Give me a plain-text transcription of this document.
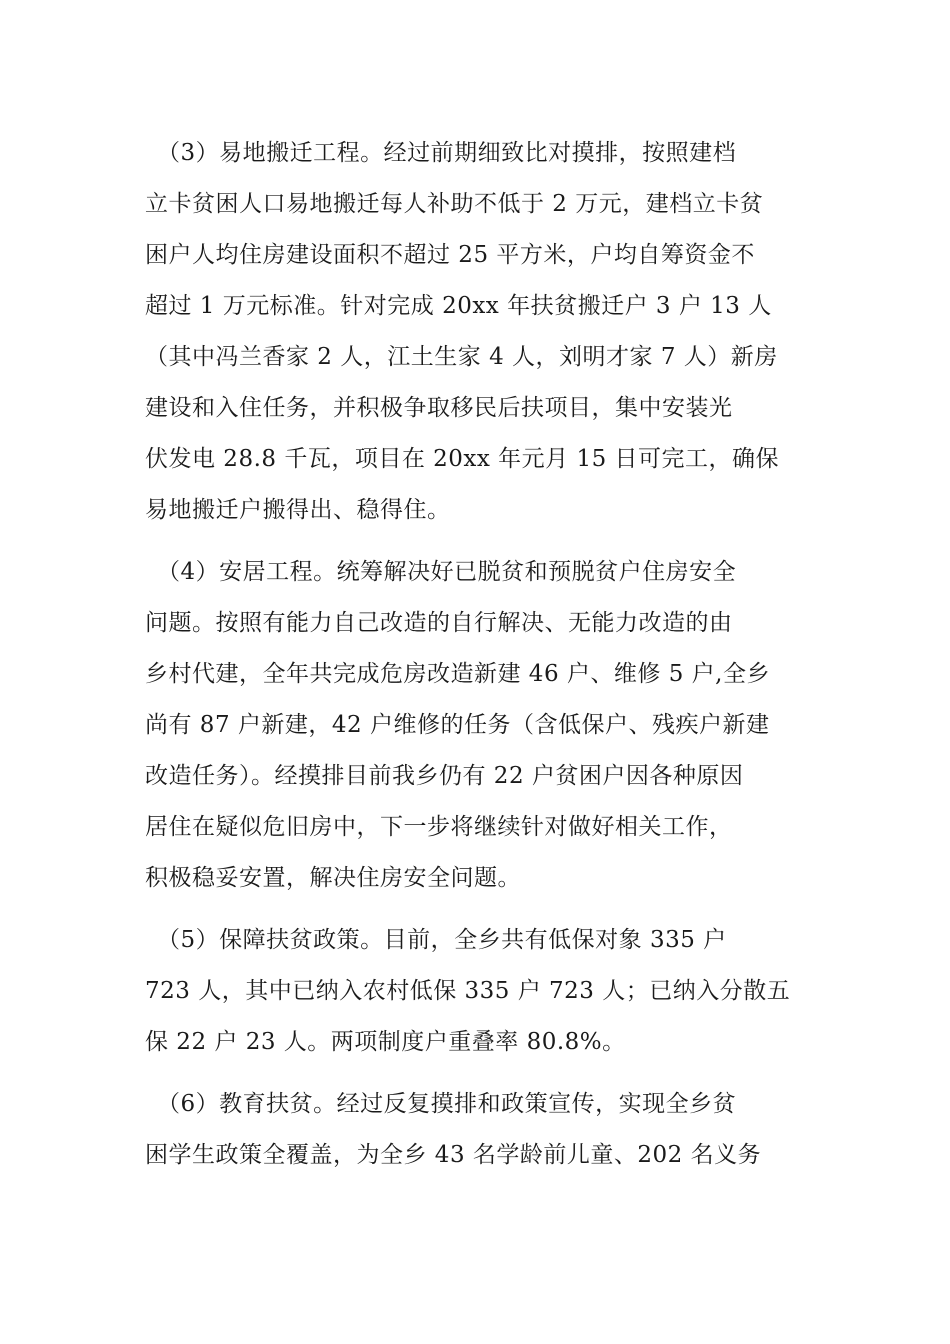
　（3）易地搬迁工程。经过前期细致比对摸排，按照建档
立卡贫困人口易地搬迁每人补助不低于 2 万元，建档立卡贫
困户人均住房建设面积不超过 25 平方米，户均自筹资金不
超过 1 万元标准。针对完成 20xx 年扶贫搬迁户 3 户 13 人
（其中冯兰香家 2 人，江土生家 4 人，刘明才家 7 人）新房
建设和入住任务，并积极争取移民后扶项目，集中安装光
伏发电 28.8 千瓦，项目在 20xx 年元月 15 日可完工，确保
易地搬迁户搬得出、稳得住。
　（4）安居工程。统筹解决好已脱贫和预脱贫户住房安全
问题。按照有能力自己改造的自行解决、无能力改造的由
乡村代建，全年共完成危房改造新建 46 户、维修 5 户,全乡
尚有 87 户新建，42 户维修的任务（含低保户、残疾户新建
改造任务）。经摸排目前我乡仍有 22 户贫困户因各种原因
居住在疑似危旧房中，下一步将继续针对做好相关工作，
积极稳妥安置，解决住房安全问题。
　（5）保障扶贫政策。目前，全乡共有低保对象 335 户
723 人，其中已纳入农村低保 335 户 723 人；已纳入分散五
保 22 户 23 人。两项制度户重叠率 80.8%。
　（6）教育扶贫。经过反复摸排和政策宣传，实现全乡贫
困学生政策全覆盖，为全乡 43 名学龄前儿童、202 名义务
